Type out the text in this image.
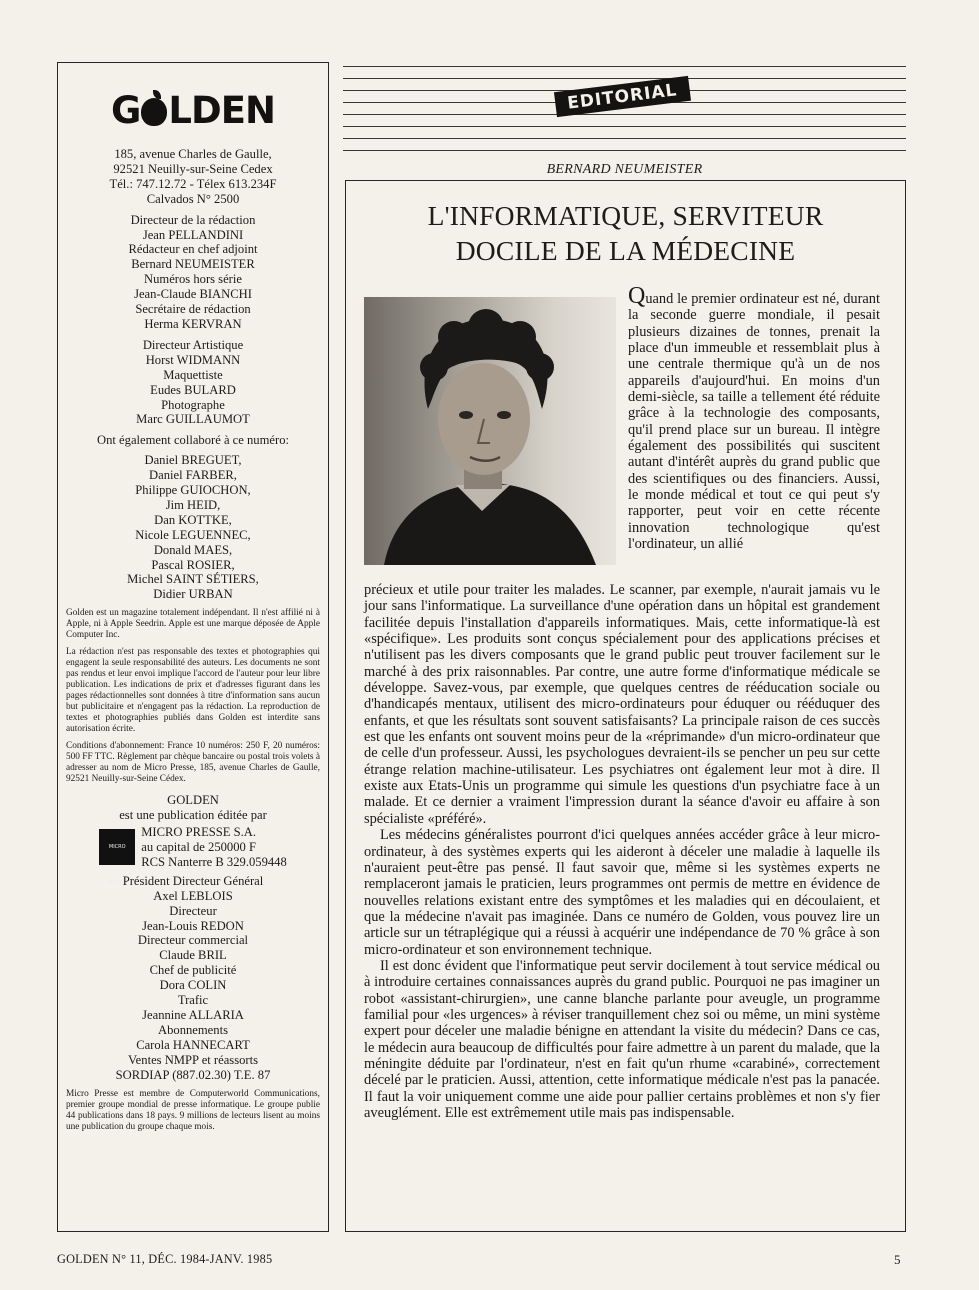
G LDEN
185, avenue Charles de Gaulle,
92521 Neuilly-sur-Seine Cedex
Tél.: 747.12.72 - Télex 613.234F
Calvados N° 2500
Directeur de la rédaction
Jean PELLANDINI
Rédacteur en chef adjoint
Bernard NEUMEISTER
Numéros hors série
Jean-Claude BIANCHI
Secrétaire de rédaction
Herma KERVRAN
Directeur Artistique
Horst WIDMANN
Maquettiste
Eudes BULARD
Photographe
Marc GUILLAUMOT
Ont également collaboré à ce numéro:
Daniel BREGUET,
Daniel FARBER,
Philippe GUIOCHON,
Jim HEID,
Dan KOTTKE,
Nicole LEGUENNEC,
Donald MAES,
Pascal ROSIER,
Michel SAINT SÉTIERS,
Didier URBAN
Golden est un magazine totalement indépendant. Il n'est affilié ni à Apple, ni à Apple Seedrin. Apple est une marque déposée de Apple Computer Inc.
La rédaction n'est pas responsable des textes et photographies qui engagent la seule responsabilité des auteurs. Les documents ne sont pas rendus et leur envoi implique l'accord de l'auteur pour leur libre publication. Les indications de prix et d'adresses figurant dans les pages rédactionnelles sont données à titre d'information sans aucun but publicitaire et n'engagent pas la rédaction. La reproduction de textes et photographies publiés dans Golden est interdite sans autorisation écrite.
Conditions d'abonnement: France 10 numéros: 250 F, 20 numéros: 500 FF TTC. Règlement par chèque bancaire ou postal trois volets à adresser au nom de Micro Presse, 185, avenue Charles de Gaulle, 92521 Neuilly-sur-Seine Cédex.
GOLDEN
est une publication éditée par
MICRO PRESSE
MICRO PRESSE S.A.
au capital de 250000 F
RCS Nanterre B 329.059448
Président Directeur Général
Axel LEBLOIS
Directeur
Jean-Louis REDON
Directeur commercial
Claude BRIL
Chef de publicité
Dora COLIN
Trafic
Jeannine ALLARIA
Abonnements
Carola HANNECART
Ventes NMPP et réassorts
SORDIAP (887.02.30) T.E. 87
Micro Presse est membre de Computerworld Communications, premier groupe mondial de presse informatique. Le groupe publie 44 publications dans 18 pays. 9 millions de lecteurs lisent au moins une publication du groupe chaque mois.
EDITORIAL
BERNARD NEUMEISTER
L'INFORMATIQUE, SERVITEUR
DOCILE DE LA MÉDECINE

Quand le premier ordinateur est né, durant la seconde guerre mondiale, il pesait plusieurs dizaines de tonnes, prenait la place d'un immeuble et ressemblait plus à une centrale thermique qu'à un de nos appareils d'aujourd'hui. En moins d'un demi-siècle, sa taille a tellement été réduite grâce à la technologie des composants, qu'il prend place sur un bureau. Il intègre également des possibilités qui suscitent autant d'intérêt auprès du grand public que des scientifiques ou des financiers. Aussi, le monde médical et tout ce qui peut s'y rapporter, peut voir en cette récente innovation technologique qu'est l'ordinateur, un allié

précieux et utile pour traiter les malades. Le scanner, par exemple, n'aurait jamais vu le jour sans l'informatique. La surveillance d'une opération dans un hôpital est grandement facilitée depuis l'installation d'appareils informatiques. Mais, cette informatique-là est «spécifique». Les produits sont conçus spécialement pour des applications précises et n'utilisent pas les divers composants que le grand public peut trouver facilement sur le marché à des prix raisonnables. Par contre, une autre forme d'informatique médicale se développe. Savez-vous, par exemple, que quelques centres de rééducation sociale ou d'handicapés mentaux, utilisent des micro-ordinateurs pour éduquer ou rééduquer des enfants, et que les résultats sont souvent satisfaisants? La principale raison de ces succès est que les enfants ont souvent moins peur de la «réprimande» d'un micro-ordinateur que de celle d'un professeur. Aussi, les psychologues devraient-ils se pencher un peu sur cette étrange relation machine-utilisateur. Les psychiatres ont également leur mot à dire. Il existe aux Etats-Unis un programme qui simule les questions d'un psychiatre face à un malade. Et ce dernier a vraiment l'impression durant la séance d'avoir eu affaire à son spécialiste «préféré».

Les médecins généralistes pourront d'ici quelques années accéder grâce à leur micro-ordinateur, à des systèmes experts qui les aideront à déceler une maladie à laquelle ils n'auraient peut-être pas pensé. Il faut savoir que, même si les systèmes experts ne remplaceront jamais le praticien, leurs programmes ont permis de mettre en évidence de nouvelles relations existant entre des symptômes et les maladies qui en découlaient, et que la médecine n'avait pas imaginée. Dans ce numéro de Golden, vous pouvez lire un article sur un tétraplégique qui a réussi à acquérir une indépendance de 70 % grâce à son micro-ordinateur et son environnement technique.

Il est donc évident que l'informatique peut servir docilement à tout service médical ou à introduire certaines connaissances auprès du grand public. Pourquoi ne pas imaginer un robot «assistant-chirurgien», une canne blanche parlante pour aveugle, un programme familial pour «les urgences» à réviser tranquillement chez soi ou même, un mini système expert pour déceler une maladie bénigne en attendant la visite du médecin? Dans ce cas, le médecin aura beaucoup de difficultés pour faire admettre à un parent du malade, que la méningite déduite par l'ordinateur, n'est en fait qu'un rhume «carabiné», correctement décelé par le praticien. Aussi, attention, cette informatique médicale n'est pas la panacée. Il faut la voir uniquement comme une aide pour pallier certains problèmes et non s'y fier aveuglément. Elle est extrêmement utile mais pas indispensable.

GOLDEN N° 11, DÉC. 1984-JANV. 1985	5
